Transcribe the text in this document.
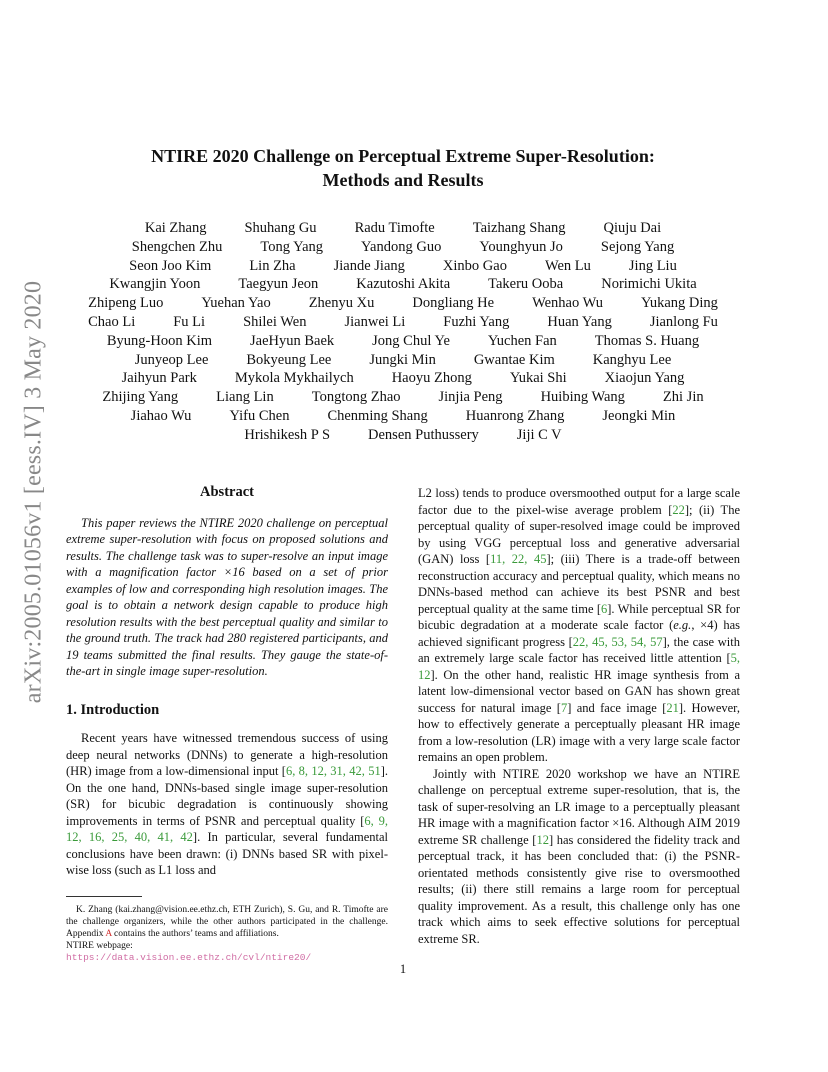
arXiv:2005.01056v1 [eess.IV] 3 May 2020
NTIRE 2020 Challenge on Perceptual Extreme Super-Resolution:
Methods and Results
Kai Zhang	Shuhang Gu	Radu Timofte	Taizhang Shang	Qiuju Dai
Shengchen Zhu	Tong Yang	Yandong Guo	Younghyun Jo	Sejong Yang
Seon Joo Kim	Lin Zha	Jiande Jiang	Xinbo Gao	Wen Lu	Jing Liu
Kwangjin Yoon	Taegyun Jeon	Kazutoshi Akita	Takeru Ooba	Norimichi Ukita
Zhipeng Luo	Yuehan Yao	Zhenyu Xu	Dongliang He	Wenhao Wu	Yukang Ding
Chao Li	Fu Li	Shilei Wen	Jianwei Li	Fuzhi Yang	Huan Yang	Jianlong Fu
Byung-Hoon Kim	JaeHyun Baek	Jong Chul Ye	Yuchen Fan	Thomas S. Huang
Junyeop Lee	Bokyeung Lee	Jungki Min	Gwantae Kim	Kanghyu Lee
Jaihyun Park	Mykola Mykhailych	Haoyu Zhong	Yukai Shi	Xiaojun Yang
Zhijing Yang	Liang Lin	Tongtong Zhao	Jinjia Peng	Huibing Wang	Zhi Jin
Jiahao Wu	Yifu Chen	Chenming Shang	Huanrong Zhang	Jeongki Min
Hrishikesh P S	Densen Puthussery	Jiji C V
Abstract

This paper reviews the NTIRE 2020 challenge on perceptual extreme super-resolution with focus on proposed solutions and results. The challenge task was to super-resolve an input image with a magnification factor ×16 based on a set of prior examples of low and corresponding high resolution images. The goal is to obtain a network design capable to produce high resolution results with the best perceptual quality and similar to the ground truth. The track had 280 registered participants, and 19 teams submitted the final results. They gauge the state-of-the-art in single image super-resolution.

1. Introduction

Recent years have witnessed tremendous success of using deep neural networks (DNNs) to generate a high-resolution (HR) image from a low-dimensional input [6, 8, 12, 31, 42, 51]. On the one hand, DNNs-based single image super-resolution (SR) for bicubic degradation is continuously showing improvements in terms of PSNR and perceptual quality [6, 9, 12, 16, 25, 40, 41, 42]. In particular, several fundamental conclusions have been drawn: (i) DNNs based SR with pixel-wise loss (such as L1 loss and

L2 loss) tends to produce oversmoothed output for a large scale factor due to the pixel-wise average problem [22]; (ii) The perceptual quality of super-resolved image could be improved by using VGG perceptual loss and generative adversarial (GAN) loss [11, 22, 45]; (iii) There is a trade-off between reconstruction accuracy and perceptual quality, which means no DNNs-based method can achieve its best PSNR and best perceptual quality at the same time [6]. While perceptual SR for bicubic degradation at a moderate scale factor (e.g., ×4) has achieved significant progress [22, 45, 53, 54, 57], the case with an extremely large scale factor has received little attention [5, 12]. On the other hand, realistic HR image synthesis from a latent low-dimensional vector based on GAN has shown great success for natural image [7] and face image [21]. However, how to effectively generate a perceptually pleasant HR image from a low-resolution (LR) image with a very large scale factor remains an open problem.

Jointly with NTIRE 2020 workshop we have an NTIRE challenge on perceptual extreme super-resolution, that is, the task of super-resolving an LR image to a perceptually pleasant HR image with a magnification factor ×16. Although AIM 2019 extreme SR challenge [12] has considered the fidelity track and perceptual track, it has been concluded that: (i) the PSNR-orientated methods consistently give rise to oversmoothed results; (ii) there still remains a large room for perceptual quality improvement. As a result, this challenge only has one track which aims to seek effective solutions for perceptual extreme SR.

K. Zhang (kai.zhang@vision.ee.ethz.ch, ETH Zurich), S. Gu, and R. Timofte are the challenge organizers, while the other authors participated in the challenge. Appendix A contains the authors’ teams and affiliations.

NTIRE webpage:

https://data.vision.ee.ethz.ch/cvl/ntire20/

1
